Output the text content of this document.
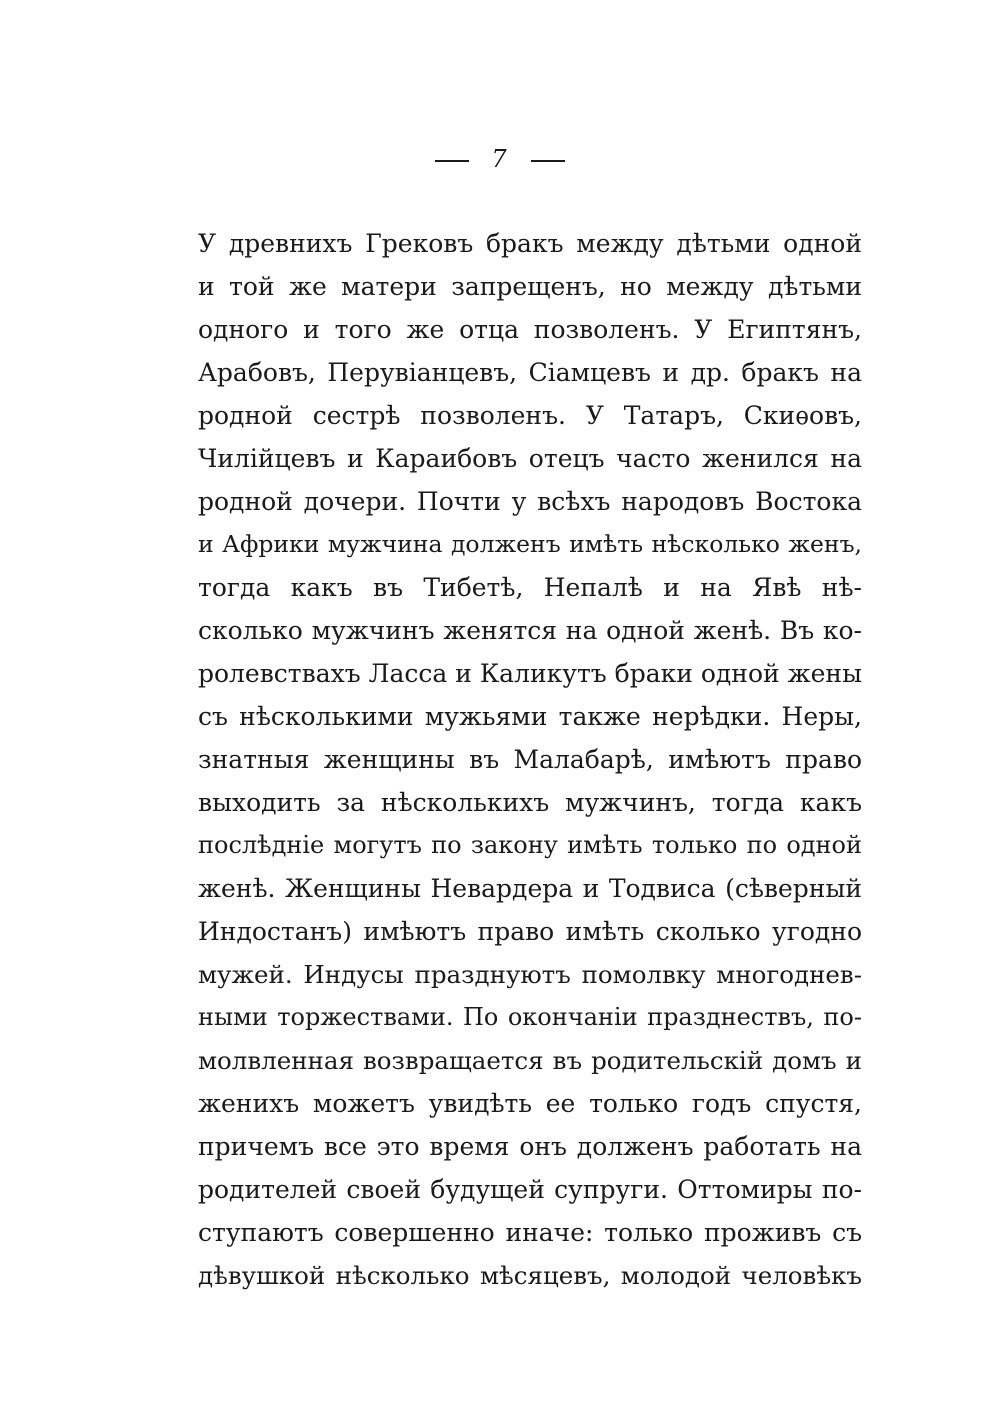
7
У древнихъ Грековъ бракъ между дѣтьми одной
и той же матери запрещенъ, но между дѣтьми
одного и того же отца позволенъ. У Египтянъ,
Арабовъ, Перувіанцевъ, Сіамцевъ и др. бракъ на
родной сестрѣ позволенъ. У Татаръ, Скиѳовъ,
Чилійцевъ и Караибовъ отецъ часто женился на
родной дочери. Почти у всѣхъ народовъ Востока
и Африки мужчина долженъ имѣть нѣсколько женъ,
тогда какъ въ Тибетѣ, Непалѣ и на Явѣ нѣ-
сколько мужчинъ женятся на одной женѣ. Въ ко-
ролевствахъ Ласса и Каликутъ браки одной жены
съ нѣсколькими мужьями также нерѣдки. Неры,
знатныя женщины въ Малабарѣ, имѣютъ право
выходить за нѣсколькихъ мужчинъ, тогда какъ
послѣдніе могутъ по закону имѣть только по одной
женѣ. Женщины Невардера и Тодвиса (сѣверный
Индостанъ) имѣютъ право имѣть сколько угодно
мужей. Индусы празднуютъ помолвку многоднев-
ными торжествами. По окончаніи празднествъ, по-
молвленная возвращается въ родительскій домъ и
женихъ можетъ увидѣть ее только годъ спустя,
причемъ все это время онъ долженъ работать на
родителей своей будущей супруги. Оттомиры по-
ступаютъ совершенно иначе: только проживъ съ
дѣвушкой нѣсколько мѣсяцевъ, молодой человѣкъ
